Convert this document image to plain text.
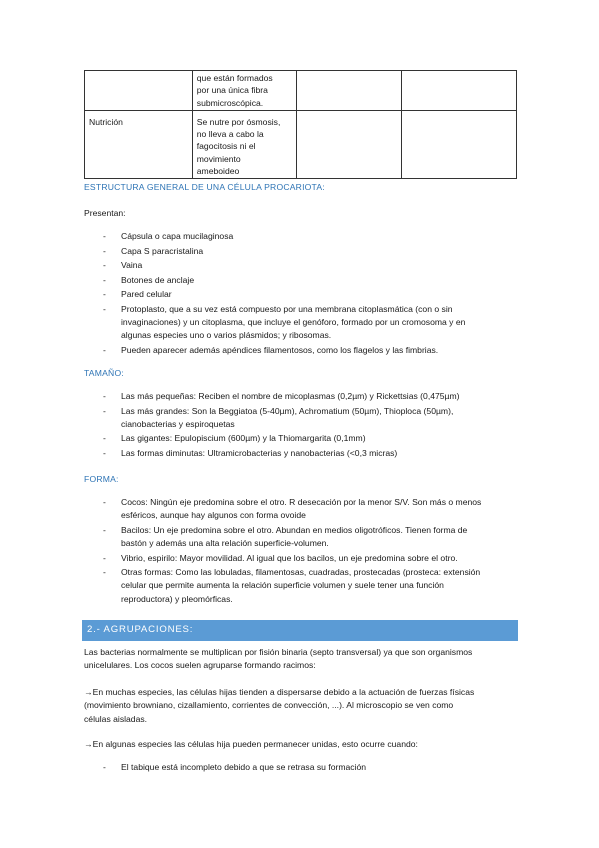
	que están formados
por una única fibra
submicroscópica.		

Nutrición	Se nutre por ósmosis,
no lleva a cabo la
fagocitosis ni el
movimiento
ameboideo		

ESTRUCTURA GENERAL DE UNA CÉLULA PROCARIOTA:
Presentan:
- Cápsula o capa mucilaginosa
- Capa S paracristalina
- Vaina
- Botones de anclaje
- Pared celular
- Protoplasto, que a su vez está compuesto por una membrana citoplasmática (con o sin
invaginaciones) y un citoplasma, que incluye el genóforo, formado por un cromosoma y en
algunas especies uno o varios plásmidos; y ribosomas.
- Pueden aparecer además apéndices filamentosos, como los flagelos y las fimbrias.
TAMAÑO:
- Las más pequeñas: Reciben el nombre de micoplasmas (0,2µm) y Rickettsias (0,475µm)
- Las más grandes: Son la Beggiatoa (5-40µm), Achromatium (50µm), Thioploca (50µm),
cianobacterias y espiroquetas
- Las gigantes: Epulopiscium (600µm) y la Thiomargarita (0,1mm)
- Las formas diminutas: Ultramicrobacterias y nanobacterias (<0,3 micras)
FORMA:
- Cocos: Ningún eje predomina sobre el otro. R desecación por la menor S/V. Son más o menos
esféricos, aunque hay algunos con forma ovoide
- Bacilos: Un eje predomina sobre el otro. Abundan en medios oligotróficos. Tienen forma de
bastón y además una alta relación superficie-volumen.
- Vibrio, espirilo: Mayor movilidad. Al igual que los bacilos, un eje predomina sobre el otro.
- Otras formas: Como las lobuladas, filamentosas, cuadradas, prostecadas (prosteca: extensión
celular que permite aumenta la relación superficie volumen y suele tener una función
reproductora) y pleomórficas.
2.- AGRUPACIONES:
Las bacterias normalmente se multiplican por fisión binaria (septo transversal) ya que son organismos
unicelulares. Los cocos suelen agruparse formando racimos:
→En muchas especies, las células hijas tienden a dispersarse debido a la actuación de fuerzas físicas
(movimiento browniano, cizallamiento, corrientes de convección, ...). Al microscopio se ven como
células aisladas.
→En algunas especies las células hija pueden permanecer unidas, esto ocurre cuando:
- El tabique está incompleto debido a que se retrasa su formación
